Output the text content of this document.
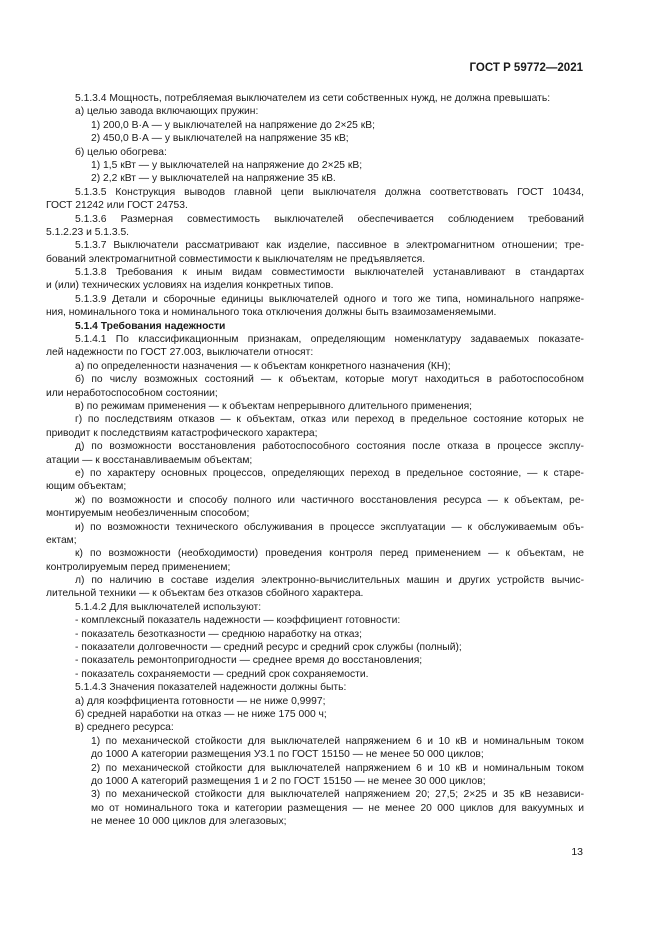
ГОСТ Р 59772—2021
5.1.3.4 Мощность, потребляемая выключателем из сети собственных нужд, не должна превышать:
а) целью завода включающих пружин:
1) 200,0 В·А — у выключателей на напряжение до 2×25 кВ;
2) 450,0 В·А — у выключателей на напряжение 35 кВ;
б) целью обогрева:
1) 1,5 кВт — у выключателей на напряжение до 2×25 кВ;
2) 2,2 кВт — у выключателей на напряжение 35 кВ.
5.1.3.5 Конструкция выводов главной цепи выключателя должна соответствовать ГОСТ 10434,
ГОСТ 21242 или ГОСТ 24753.
5.1.3.6 Размерная совместимость выключателей обеспечивается соблюдением требований
5.1.2.23 и 5.1.3.5.
5.1.3.7 Выключатели рассматривают как изделие, пассивное в электромагнитном отношении; тре-
бований электромагнитной совместимости к выключателям не предъявляется.
5.1.3.8 Требования к иным видам совместимости выключателей устанавливают в стандартах
и (или) технических условиях на изделия конкретных типов.
5.1.3.9 Детали и сборочные единицы выключателей одного и того же типа, номинального напряже-
ния, номинального тока и номинального тока отключения должны быть взаимозаменяемыми.
5.1.4 Требования надежности
5.1.4.1 По классификационным признакам, определяющим номенклатуру задаваемых показате-
лей надежности по ГОСТ 27.003, выключатели относят:
а) по определенности назначения — к объектам конкретного назначения (КН);
б) по числу возможных состояний — к объектам, которые могут находиться в работоспособном
или неработоспособном состоянии;
в) по режимам применения — к объектам непрерывного длительного применения;
г) по последствиям отказов — к объектам, отказ или переход в предельное состояние которых не
приводит к последствиям катастрофического характера;
д) по возможности восстановления работоспособного состояния после отказа в процессе эксплу-
атации — к восстанавливаемым объектам;
е) по характеру основных процессов, определяющих переход в предельное состояние, — к старе-
ющим объектам;
ж) по возможности и способу полного или частичного восстановления ресурса — к объектам, ре-
монтируемым необезличенным способом;
и) по возможности технического обслуживания в процессе эксплуатации — к обслуживаемым объ-
ектам;
к) по возможности (необходимости) проведения контроля перед применением — к объектам, не
контролируемым перед применением;
л) по наличию в составе изделия электронно-вычислительных машин и других устройств вычис-
лительной техники — к объектам без отказов сбойного характера.
5.1.4.2 Для выключателей используют:
- комплексный показатель надежности — коэффициент готовности:
- показатель безотказности — среднюю наработку на отказ;
- показатели долговечности — средний ресурс и средний срок службы (полный);
- показатель ремонтопригодности — среднее время до восстановления;
- показатель сохраняемости — средний срок сохраняемости.
5.1.4.3 Значения показателей надежности должны быть:
а) для коэффициента готовности — не ниже 0,9997;
б) средней наработки на отказ — не ниже 175 000 ч;
в) среднего ресурса:
1) по механической стойкости для выключателей напряжением 6 и 10 кВ и номинальным током
до 1000 А категории размещения УЗ.1 по ГОСТ 15150 — не менее 50 000 циклов;
2) по механической стойкости для выключателей напряжением 6 и 10 кВ и номинальным током
до 1000 А категорий размещения 1 и 2 по ГОСТ 15150 — не менее 30 000 циклов;
3) по механической стойкости для выключателей напряжением 20; 27,5; 2×25 и 35 кВ независи-
мо от номинального тока и категории размещения — не менее 20 000 циклов для вакуумных и
не менее 10 000 циклов для элегазовых;
13
